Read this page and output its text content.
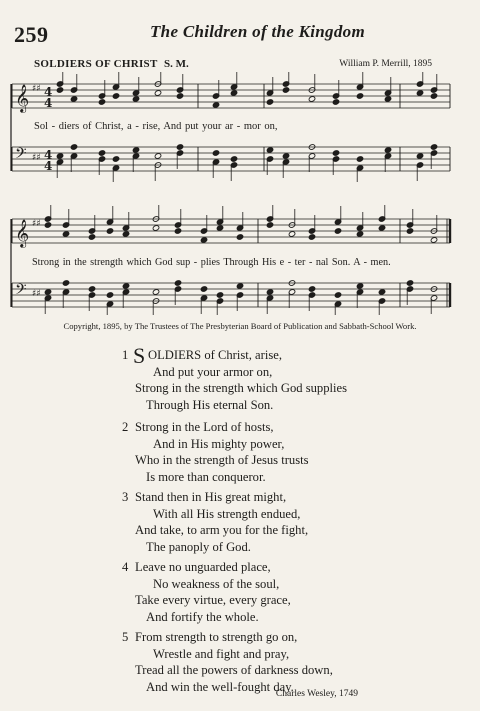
259	The Children of the Kingdom
SOLDIERS OF CHRIST S. M.	William P. Merrill, 1895
𝄞 ♯♯
4
4
𝄢 ♯♯
4
4
Sol - diers of Christ, a - rise, And put your ar - mor on,
𝄞 ♯♯
𝄢 ♯♯
Strong in the strength which God sup - plies Through His e - ter - nal Son. A - men.
Copyright, 1895, by The Trustees of The Presbyterian Board of Publication and Sabbath-School Work.
1 S OLDIERS of Christ, arise,
And put your armor on,
Strong in the strength which God supplies
Through His eternal Son.
2 Strong in the Lord of hosts,
And in His mighty power,
Who in the strength of Jesus trusts
Is more than conqueror.
3 Stand then in His great might,
With all His strength endued,
And take, to arm you for the fight,
The panoply of God.
4 Leave no unguarded place,
No weakness of the soul,
Take every virtue, every grace,
And fortify the whole.
5 From strength to strength go on,
Wrestle and fight and pray,
Tread all the powers of darkness down,
And win the well-fought day.
Charles Wesley, 1749
